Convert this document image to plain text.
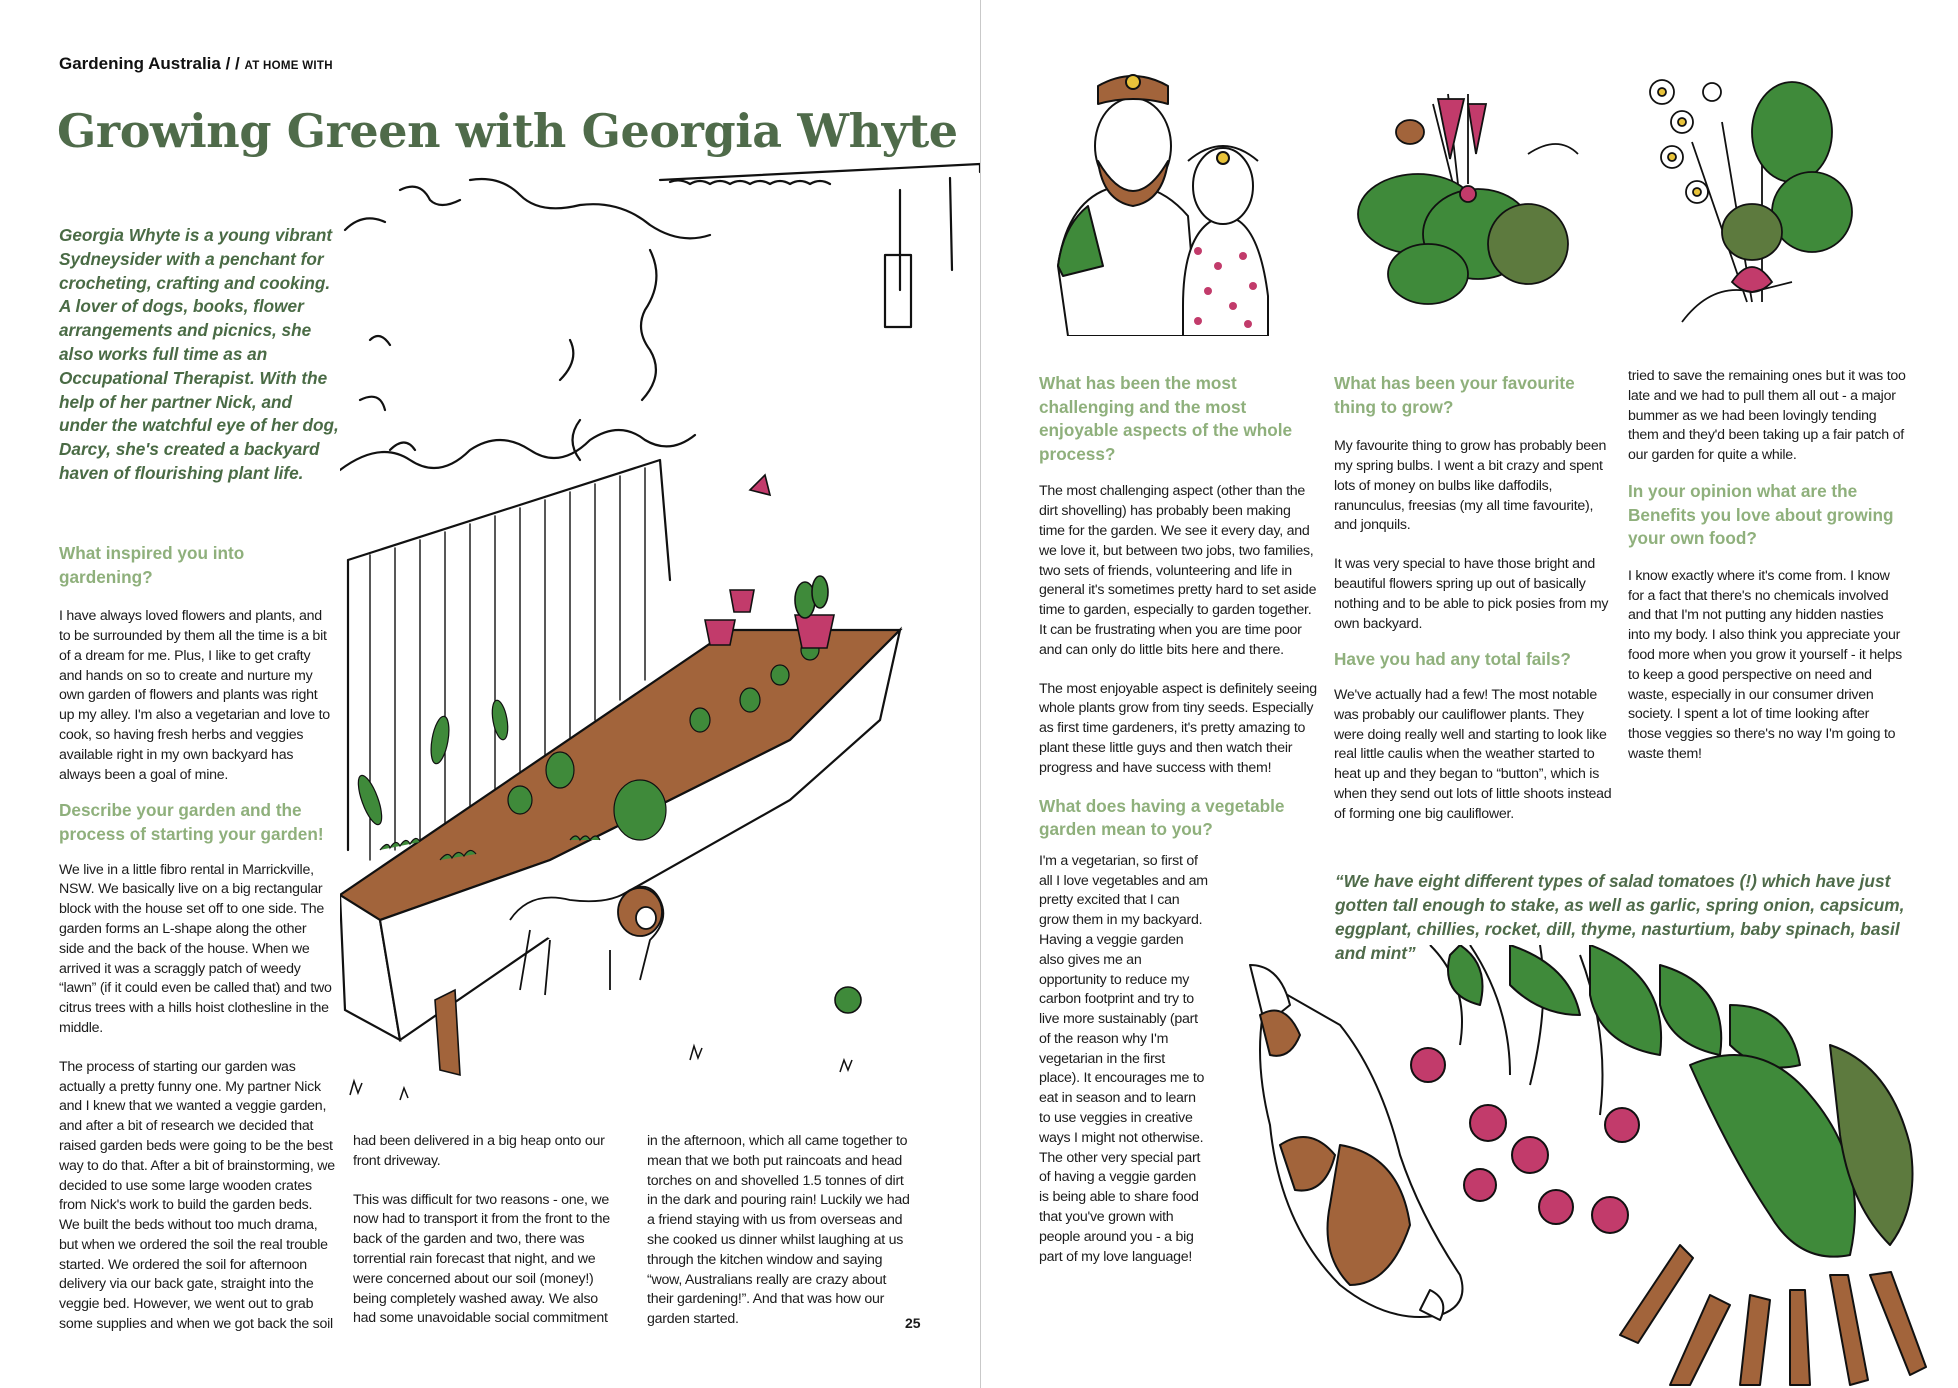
Gardening Australia / / AT HOME WITH
Growing Green with Georgia Whyte

Georgia Whyte is a young vibrant Sydneysider with a penchant for crocheting, crafting and cooking. A lover of dogs, books, flower arrangements and picnics, she also works full time as an Occupational Therapist. With the help of her partner Nick, and under the watchful eye of her dog, Darcy, she's created a backyard haven of flourishing plant life.

What inspired you into gardening?

I have always loved flowers and plants, and to be surrounded by them all the time is a bit of a dream for me. Plus, I like to get crafty and hands on so to create and nurture my own garden of flowers and plants was right up my alley. I'm also a vegetarian and love to cook, so having fresh herbs and veggies available right in my own backyard has always been a goal of mine.

Describe your garden and the process of starting your garden!

We live in a little fibro rental in Marrickville, NSW. We basically live on a big rectangular block with the house set off to one side. The garden forms an L-shape along the other side and the back of the house. When we arrived it was a scraggly patch of weedy “lawn” (if it could even be called that) and two citrus trees with a hills hoist clothesline in the middle.

The process of starting our garden was actually a pretty funny one. My partner Nick and I knew that we wanted a veggie garden, and after a bit of research we decided that raised garden beds were going to be the best way to do that. After a bit of brainstorming, we decided to use some large wooden crates from Nick's work to build the garden beds. We built the beds without too much drama, but when we ordered the soil the real trouble started. We ordered the soil for afternoon delivery via our back gate, straight into the veggie bed. However, we went out to grab some supplies and when we got back the soil

had been delivered in a big heap onto our front driveway.

This was difficult for two reasons - one, we now had to transport it from the front to the back of the garden and two, there was torrential rain forecast that night, and we were concerned about our soil (money!) being completely washed away. We also had some unavoidable social commitment

in the afternoon, which all came together to mean that we both put raincoats and head torches on and shovelled 1.5 tonnes of dirt in the dark and pouring rain! Luckily we had a friend staying with us from overseas and she cooked us dinner whilst laughing at us through the kitchen window and saying “wow, Australians really are crazy about their gardening!”. And that was how our garden started.	25

What has been the most challenging and the most enjoyable aspects of the whole process?

The most challenging aspect (other than the dirt shovelling) has probably been making time for the garden. We see it every day, and we love it, but between two jobs, two families, two sets of friends, volunteering and life in general it's sometimes pretty hard to set aside time to garden, especially to garden together. It can be frustrating when you are time poor and can only do little bits here and there.

The most enjoyable aspect is definitely seeing whole plants grow from tiny seeds. Especially as first time gardeners, it's pretty amazing to plant these little guys and then watch their progress and have success with them!

What does having a vegetable garden mean to you?

I'm a vegetarian, so first of all I love vegetables and am pretty excited that I can grow them in my backyard. Having a veggie garden also gives me an opportunity to reduce my carbon footprint and try to live more sustainably (part of the reason why I'm vegetarian in the first place). It encourages me to eat in season and to learn to use veggies in creative ways I might not otherwise. The other very special part of having a veggie garden is being able to share food that you've grown with people around you - a big part of my love language!

What has been your favourite thing to grow?

My favourite thing to grow has probably been my spring bulbs. I went a bit crazy and spent lots of money on bulbs like daffodils, ranunculus, freesias (my all time favourite), and jonquils.

It was very special to have those bright and beautiful flowers spring up out of basically nothing and to be able to pick posies from my own backyard.

Have you had any total fails?

We've actually had a few! The most notable was probably our cauliflower plants. They were doing really well and starting to look like real little caulis when the weather started to heat up and they began to “button”, which is when they send out lots of little shoots instead of forming one big cauliflower.

tried to save the remaining ones but it was too late and we had to pull them all out - a major bummer as we had been lovingly tending them and they'd been taking up a fair patch of our garden for quite a while.

In your opinion what are the Benefits you love about growing your own food?

I know exactly where it's come from. I know for a fact that there's no chemicals involved and that I'm not putting any hidden nasties into my body. I also think you appreciate your food more when you grow it yourself - it helps to keep a good perspective on need and waste, especially in our consumer driven society. I spent a lot of time looking after those veggies so there's no way I'm going to waste them!

“We have eight different types of salad tomatoes (!) which have just gotten tall enough to stake, as well as garlic, spring onion, capsicum, eggplant, chillies, rocket, dill, thyme, nasturtium, baby spinach, basil and mint”
